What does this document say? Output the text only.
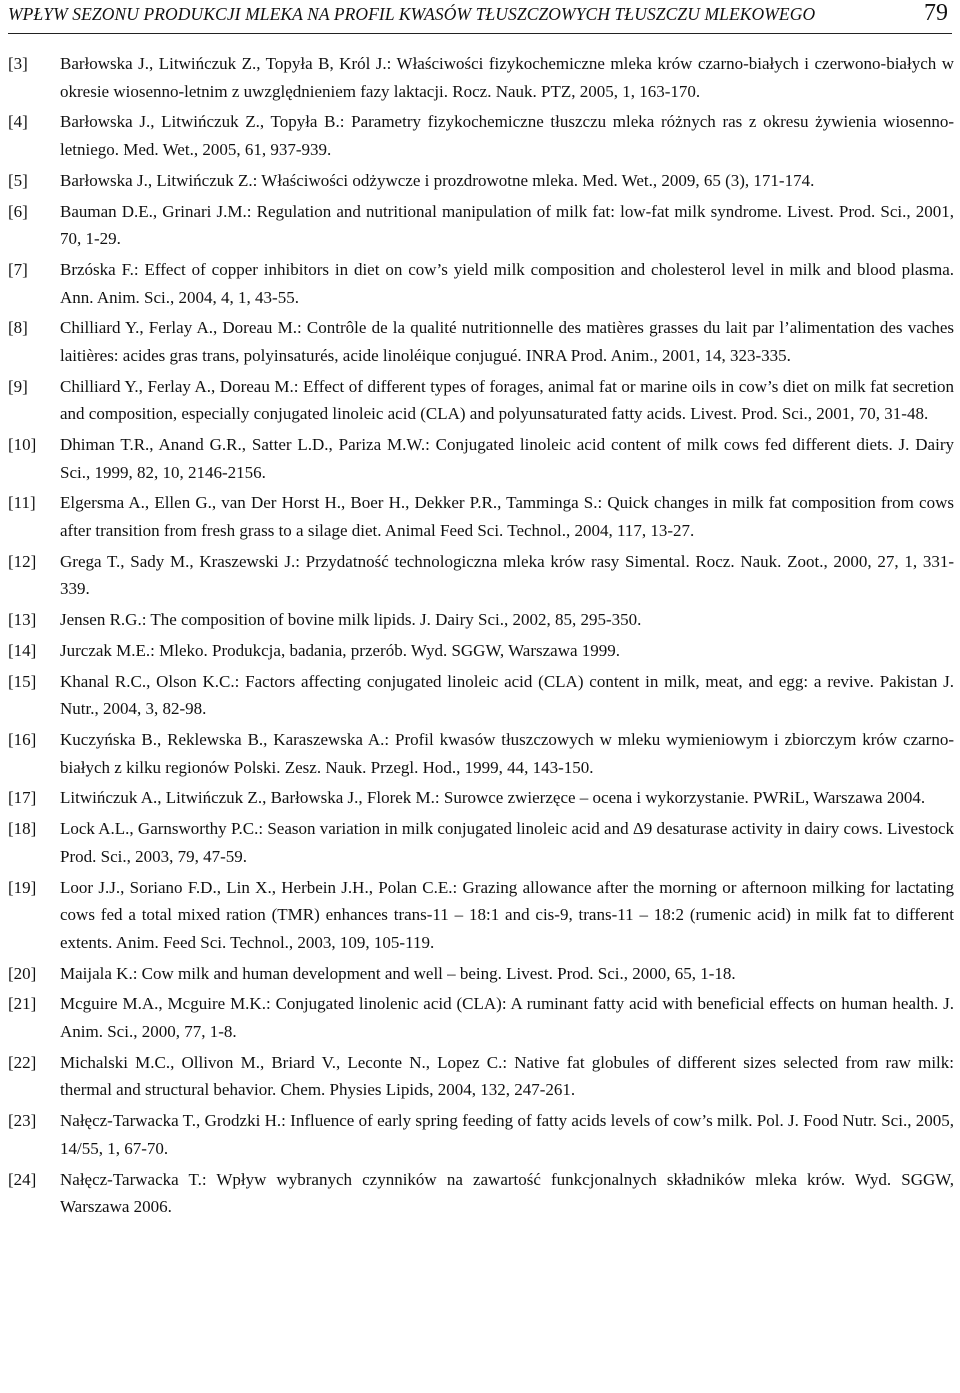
WPŁYW SEZONU PRODUKCJI MLEKA NA PROFIL KWASÓW TŁUSZCZOWYCH TŁUSZCZU MLEKOWEGO	79
[3]	Barłowska J., Litwińczuk Z., Topyła B, Król J.: Właściwości fizykochemiczne mleka krów czarno-białych i czerwono-białych w okresie wiosenno-letnim z uwzględnieniem fazy laktacji. Rocz. Nauk. PTZ, 2005, 1, 163-170.
[4]	Barłowska J., Litwińczuk Z., Topyła B.: Parametry fizykochemiczne tłuszczu mleka różnych ras z okresu żywienia wiosenno-letniego. Med. Wet., 2005, 61, 937-939.
[5]	Barłowska J., Litwińczuk Z.: Właściwości odżywcze i prozdrowotne mleka. Med. Wet., 2009, 65 (3), 171-174.
[6]	Bauman D.E., Grinari J.M.: Regulation and nutritional manipulation of milk fat: low-fat milk syndrome. Livest. Prod. Sci., 2001, 70, 1-29.
[7]	Brzóska F.: Effect of copper inhibitors in diet on cow’s yield milk composition and cholesterol level in milk and blood plasma. Ann. Anim. Sci., 2004, 4, 1, 43-55.
[8]	Chilliard Y., Ferlay A., Doreau M.: Contrôle de la qualité nutritionnelle des matières grasses du lait par l’alimentation des vaches laitières: acides gras trans, polyinsaturés, acide linoléique conjugué. INRA Prod. Anim., 2001, 14, 323-335.
[9]	Chilliard Y., Ferlay A., Doreau M.: Effect of different types of forages, animal fat or marine oils in cow’s diet on milk fat secretion and composition, especially conjugated linoleic acid (CLA) and polyunsaturated fatty acids. Livest. Prod. Sci., 2001, 70, 31-48.
[10]	Dhiman T.R., Anand G.R., Satter L.D., Pariza M.W.: Conjugated linoleic acid content of milk cows fed different diets. J. Dairy Sci., 1999, 82, 10, 2146-2156.
[11]	Elgersma A., Ellen G., van Der Horst H., Boer H., Dekker P.R., Tamminga S.: Quick changes in milk fat composition from cows after transition from fresh grass to a silage diet. Animal Feed Sci. Technol., 2004, 117, 13-27.
[12]	Grega T., Sady M., Kraszewski J.: Przydatność technologiczna mleka krów rasy Simental. Rocz. Nauk. Zoot., 2000, 27, 1, 331-339.
[13]	Jensen R.G.: The composition of bovine milk lipids. J. Dairy Sci., 2002, 85, 295-350.
[14]	Jurczak M.E.: Mleko. Produkcja, badania, przerób. Wyd. SGGW, Warszawa 1999.
[15]	Khanal R.C., Olson K.C.: Factors affecting conjugated linoleic acid (CLA) content in milk, meat, and egg: a revive. Pakistan J. Nutr., 2004, 3, 82-98.
[16]	Kuczyńska B., Reklewska B., Karaszewska A.: Profil kwasów tłuszczowych w mleku wymieniowym i zbiorczym krów czarno-białych z kilku regionów Polski. Zesz. Nauk. Przegl. Hod., 1999, 44, 143-150.
[17]	Litwińczuk A., Litwińczuk Z., Barłowska J., Florek M.: Surowce zwierzęce – ocena i wykorzystanie. PWRiL, Warszawa 2004.
[18]	Lock A.L., Garnsworthy P.C.: Season variation in milk conjugated linoleic acid and Δ9 desaturase activity in dairy cows. Livestock Prod. Sci., 2003, 79, 47-59.
[19]	Loor J.J., Soriano F.D., Lin X., Herbein J.H., Polan C.E.: Grazing allowance after the morning or afternoon milking for lactating cows fed a total mixed ration (TMR) enhances trans-11 – 18:1 and cis-9, trans-11 – 18:2 (rumenic acid) in milk fat to different extents. Anim. Feed Sci. Technol., 2003, 109, 105-119.
[20]	Maijala K.: Cow milk and human development and well – being. Livest. Prod. Sci., 2000, 65, 1-18.
[21]	Mcguire M.A., Mcguire M.K.: Conjugated linolenic acid (CLA): A ruminant fatty acid with beneficial effects on human health. J. Anim. Sci., 2000, 77, 1-8.
[22]	Michalski M.C., Ollivon M., Briard V., Leconte N., Lopez C.: Native fat globules of different sizes selected from raw milk: thermal and structural behavior. Chem. Physies Lipids, 2004, 132, 247-261.
[23]	Nałęcz-Tarwacka T., Grodzki H.: Influence of early spring feeding of fatty acids levels of cow’s milk. Pol. J. Food Nutr. Sci., 2005, 14/55, 1, 67-70.
[24]	Nałęcz-Tarwacka T.: Wpływ wybranych czynników na zawartość funkcjonalnych składników mleka krów. Wyd. SGGW, Warszawa 2006.
